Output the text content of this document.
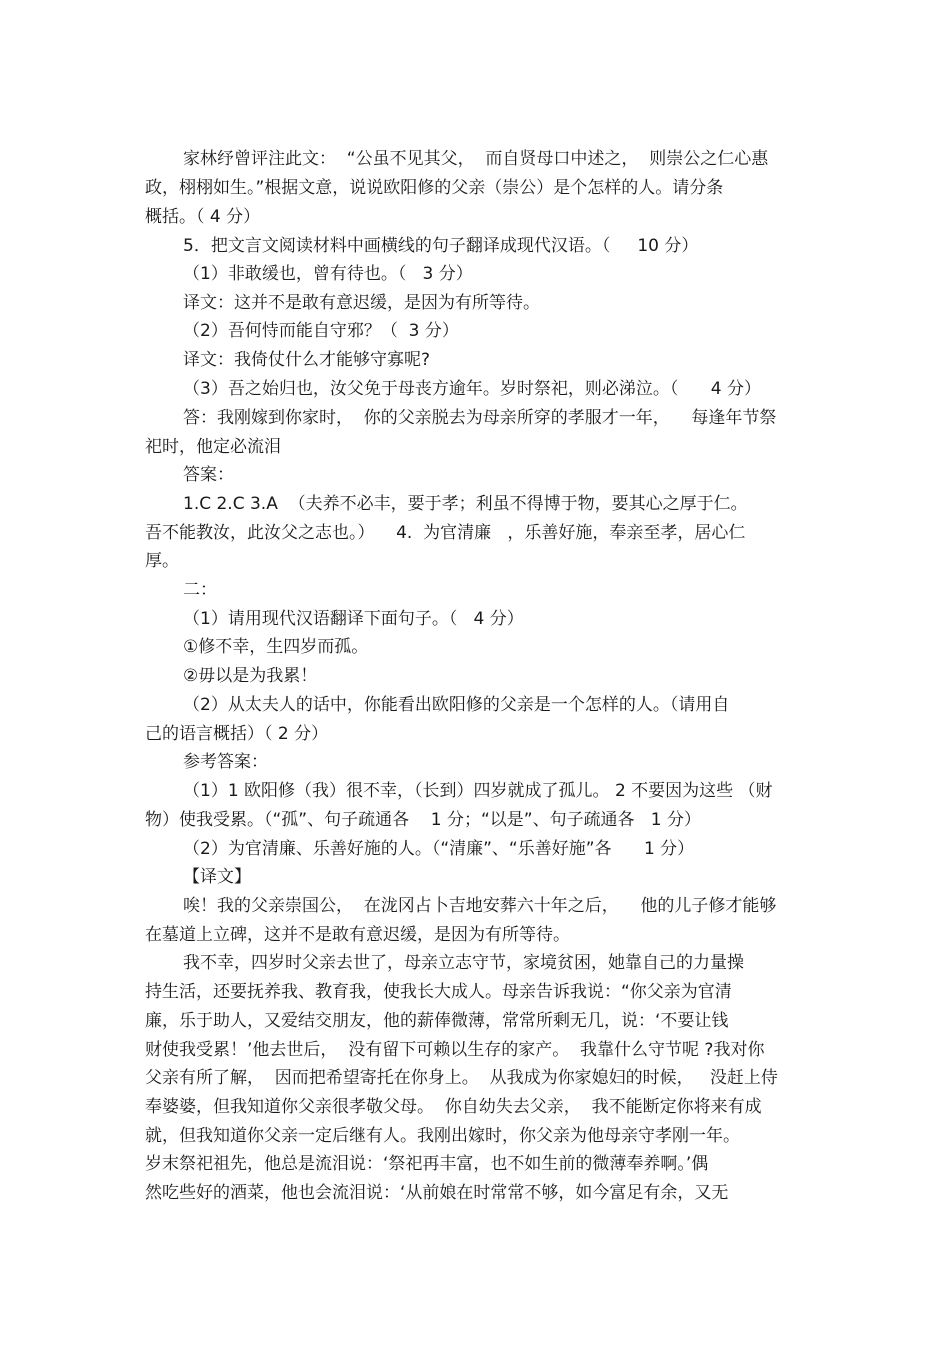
家林纾曾评注此文：  “公虽不见其父，  而自贤母口中述之，  则崇公之仁心惠

政，栩栩如生。”根据文意，说说欧阳修的父亲（崇公）是个怎样的人。请分条

概括。（ 4 分）

5．把文言文阅读材料中画横线的句子翻译成现代汉语。（     10 分）

（1）非敢缓也，曾有待也。（   3 分）

译文：这并不是敢有意迟缓，是因为有所等待。

（2）吾何恃而能自守邪？（  3 分）

译文：我倚仗什么才能够守寡呢?

（3）吾之始归也，汝父免于母丧方逾年。岁时祭祀，则必涕泣。（      4 分）

答：我刚嫁到你家时，  你的父亲脱去为母亲所穿的孝服才一年，    每逢年节祭

祀时，他定必流泪

答案：

1.C 2.C 3.A  （夫养不必丰，要于孝；利虽不得博于物，要其心之厚于仁。

吾不能教汝，此汝父之志也。）    4.  为官清廉   ，乐善好施，奉亲至孝，居心仁

厚。

二：

（1）请用现代汉语翻译下面句子。（   4 分）

①修不幸，生四岁而孤。

②毋以是为我累！

（2）从太夫人的话中，你能看出欧阳修的父亲是一个怎样的人。（请用自

己的语言概括）（ 2 分）

参考答案：

（1）1 欧阳修（我）很不幸，（长到）四岁就成了孤儿。 2 不要因为这些 （财

物）使我受累。（“孤”、句子疏通各    1 分；“以是”、句子疏通各   1 分）

（2）为官清廉、乐善好施的人。（“清廉”、“乐善好施”各      1 分）

【译文】

唉！我的父亲崇国公，  在泷冈占卜吉地安葬六十年之后，    他的儿子修才能够

在墓道上立碑，这并不是敢有意迟缓，是因为有所等待。

我不幸，四岁时父亲去世了，母亲立志守节，家境贫困，她靠自己的力量操

持生活，还要抚养我、教育我，使我长大成人。母亲告诉我说：“你父亲为官清

廉，乐于助人，又爱结交朋友，他的薪俸微薄，常常所剩无几，说：‘不要让钱

财使我受累！’他去世后，  没有留下可赖以生存的家产。  我靠什么守节呢 ?我对你

父亲有所了解，  因而把希望寄托在你身上。  从我成为你家媳妇的时候，   没赶上侍

奉婆婆，但我知道你父亲很孝敬父母。  你自幼失去父亲，  我不能断定你将来有成

就，但我知道你父亲一定后继有人。我刚出嫁时，你父亲为他母亲守孝刚一年。

岁末祭祀祖先，他总是流泪说：‘祭祀再丰富，也不如生前的微薄奉养啊。’偶

然吃些好的酒菜，他也会流泪说：‘从前娘在时常常不够，如今富足有余，又无
